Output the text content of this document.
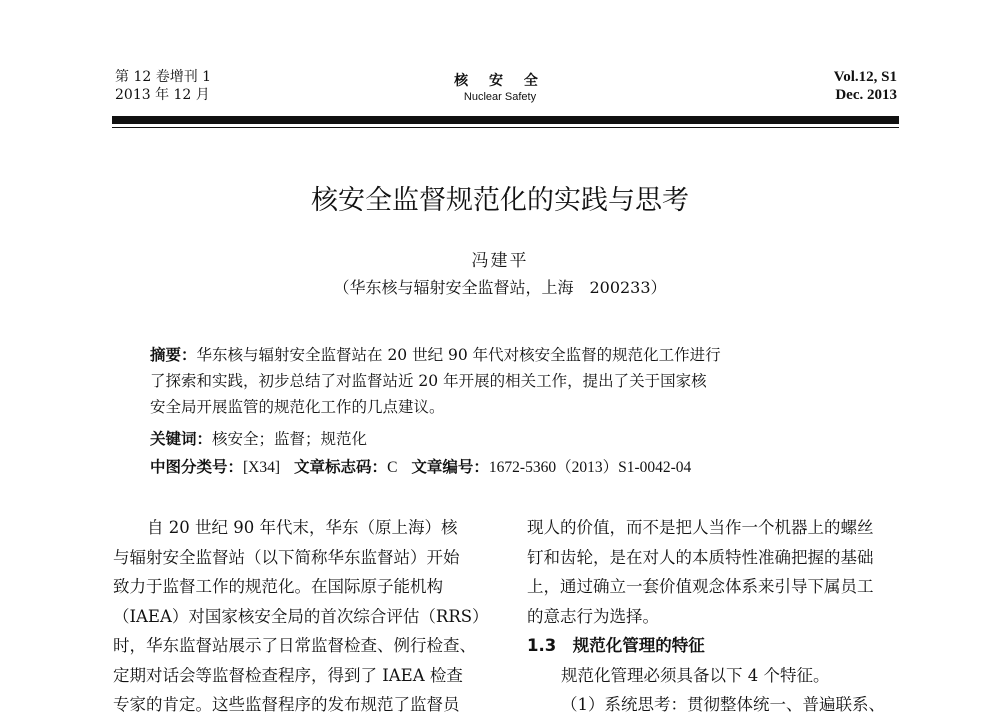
第 12 卷增刊 1
2013 年 12 月
核 安 全
Nuclear Safety
Vol.12, S1
Dec. 2013
核安全监督规范化的实践与思考
冯建平
（华东核与辐射安全监督站，上海　200233）
摘要：华东核与辐射安全监督站在 20 世纪 90 年代对核安全监督的规范化工作进行
了探索和实践，初步总结了对监督站近 20 年开展的相关工作，提出了关于国家核
安全局开展监管的规范化工作的几点建议。
关键词：核安全；监督；规范化
中图分类号：[X34] 文章标志码：C 文章编号：1672-5360（2013）S1-0042-04
自 20 世纪 90 年代末，华东（原上海）核
与辐射安全监督站（以下简称华东监督站）开始
致力于监督工作的规范化。在国际原子能机构
（IAEA）对国家核安全局的首次综合评估（RRS）
时，华东监督站展示了日常监督检查、例行检查、
定期对话会等监督检查程序，得到了 IAEA 检查
专家的肯定。这些监督程序的发布规范了监督员
现人的价值，而不是把人当作一个机器上的螺丝
钉和齿轮，是在对人的本质特性准确把握的基础
上，通过确立一套价值观念体系来引导下属员工
的意志行为选择。
1.3　规范化管理的特征
规范化管理必须具备以下 4 个特征。
（1）系统思考：贯彻整体统一、普遍联系、
